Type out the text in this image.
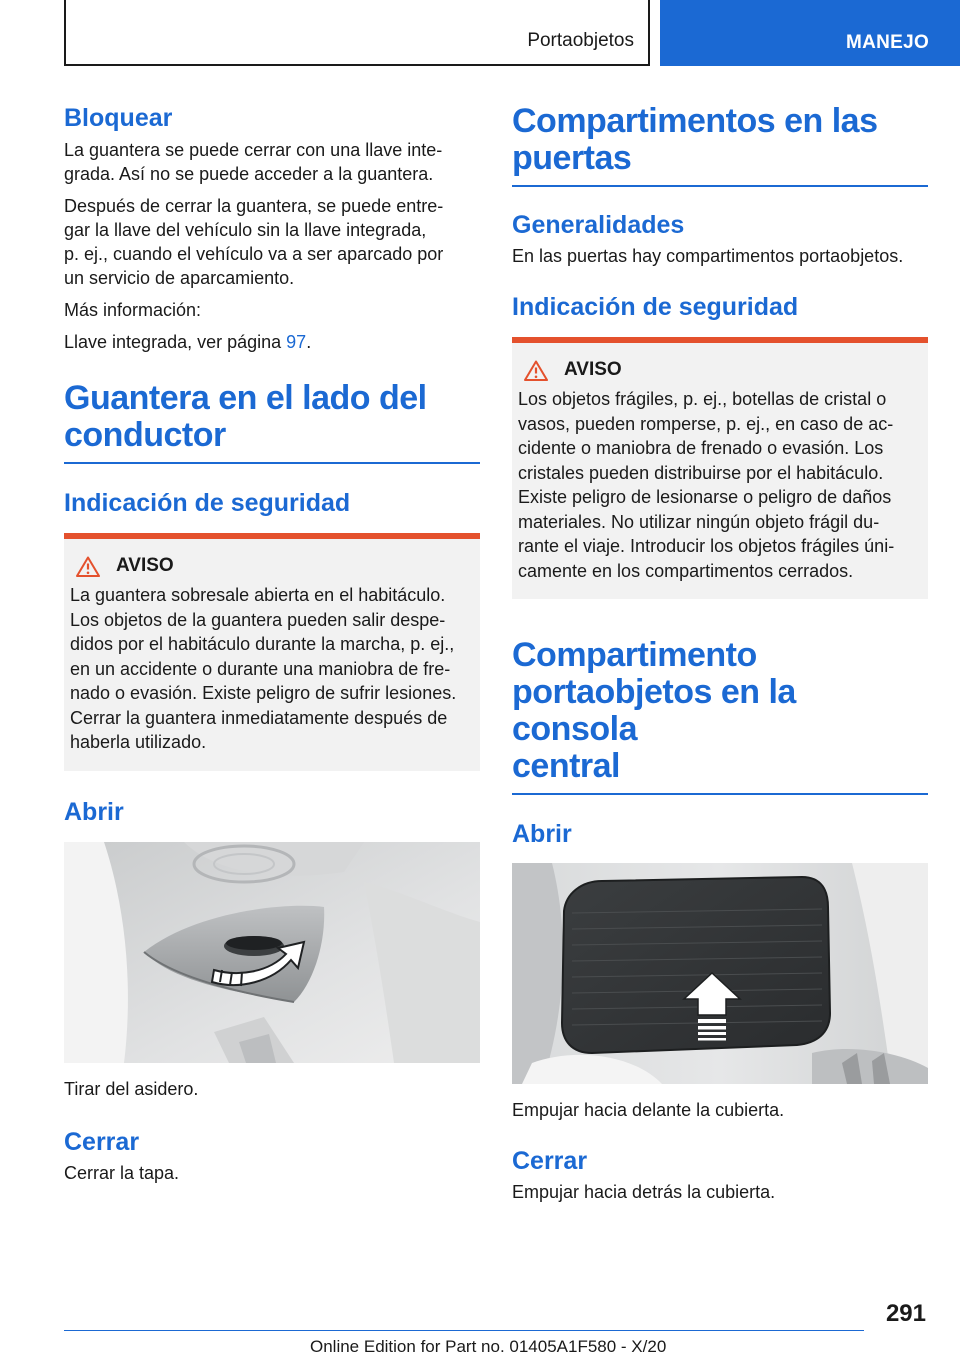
Portaobjetos	MANEJO
Bloquear
La guantera se puede cerrar con una llave inte‐
grada. Así no se puede acceder a la guantera.
Después de cerrar la guantera, se puede entre‐
gar la llave del vehículo sin la llave integrada,
p. ej., cuando el vehículo va a ser aparcado por
un servicio de aparcamiento.
Más información:
Llave integrada, ver página 97.
Guantera en el lado del
conductor
Indicación de seguridad
AVISO
La guantera sobresale abierta en el habitáculo.
Los objetos de la guantera pueden salir despe‐
didos por el habitáculo durante la marcha, p. ej.,
en un accidente o durante una maniobra de fre‐
nado o evasión. Existe peligro de sufrir lesiones.
Cerrar la guantera inmediatamente después de
haberla utilizado.
Abrir
Tirar del asidero.
Cerrar
Cerrar la tapa.
Compartimentos en las
puertas
Generalidades
En las puertas hay compartimentos portaobjetos.
Indicación de seguridad
AVISO
Los objetos frágiles, p. ej., botellas de cristal o
vasos, pueden romperse, p. ej., en caso de ac‐
cidente o maniobra de frenado o evasión. Los
cristales pueden distribuirse por el habitáculo.
Existe peligro de lesionarse o peligro de daños
materiales. No utilizar ningún objeto frágil du‐
rante el viaje. Introducir los objetos frágiles úni‐
camente en los compartimentos cerrados.
Compartimento
portaobjetos en la consola
central
Abrir
Empujar hacia delante la cubierta.
Cerrar
Empujar hacia detrás la cubierta.
291
Online Edition for Part no. 01405A1F580 - X/20
